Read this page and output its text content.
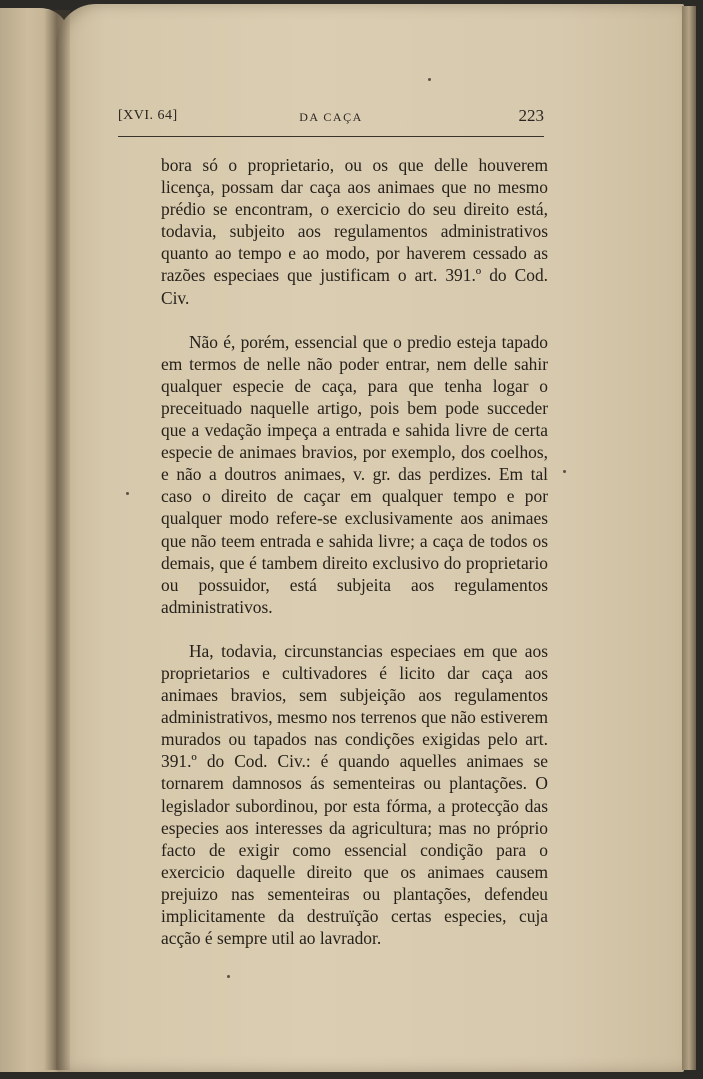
[XVI. 64]	DA CAÇA	223

bora só o proprietario, ou os que delle houverem licença, possam dar caça aos animaes que no mesmo prédio se encontram, o exercicio do seu direito está, todavia, subjeito aos regulamentos administrativos quanto ao tempo e ao modo, por haverem cessado as razões especiaes que justificam o art. 391.º do Cod. Civ.

Não é, porém, essencial que o predio esteja tapado em termos de nelle não poder entrar, nem delle sahir qualquer especie de caça, para que tenha logar o preceituado naquelle artigo, pois bem pode succeder que a vedação impeça a entrada e sahida livre de certa especie de animaes bravios, por exemplo, dos coelhos, e não a doutros animaes, v. gr. das perdizes. Em tal caso o direito de caçar em qualquer tempo e por qualquer modo refere-se exclusivamente aos animaes que não teem entrada e sahida livre; a caça de todos os demais, que é tambem direito exclusivo do proprietario ou possuidor, está subjeita aos regulamentos administrativos.

Ha, todavia, circunstancias especiaes em que aos proprietarios e cultivadores é licito dar caça aos animaes bravios, sem subjeição aos regulamentos administrativos, mesmo nos terrenos que não estiverem murados ou tapados nas condições exigidas pelo art. 391.º do Cod. Civ.: é quando aquelles animaes se tornarem damnosos ás sementeiras ou plantações. O legislador subordinou, por esta fórma, a protecção das especies aos interesses da agricultura; mas no próprio facto de exigir como essencial condição para o exercicio daquelle direito que os animaes causem prejuizo nas sementeiras ou plantações, defendeu implicitamente da destruïção certas especies, cuja acção é sempre util ao lavrador.
